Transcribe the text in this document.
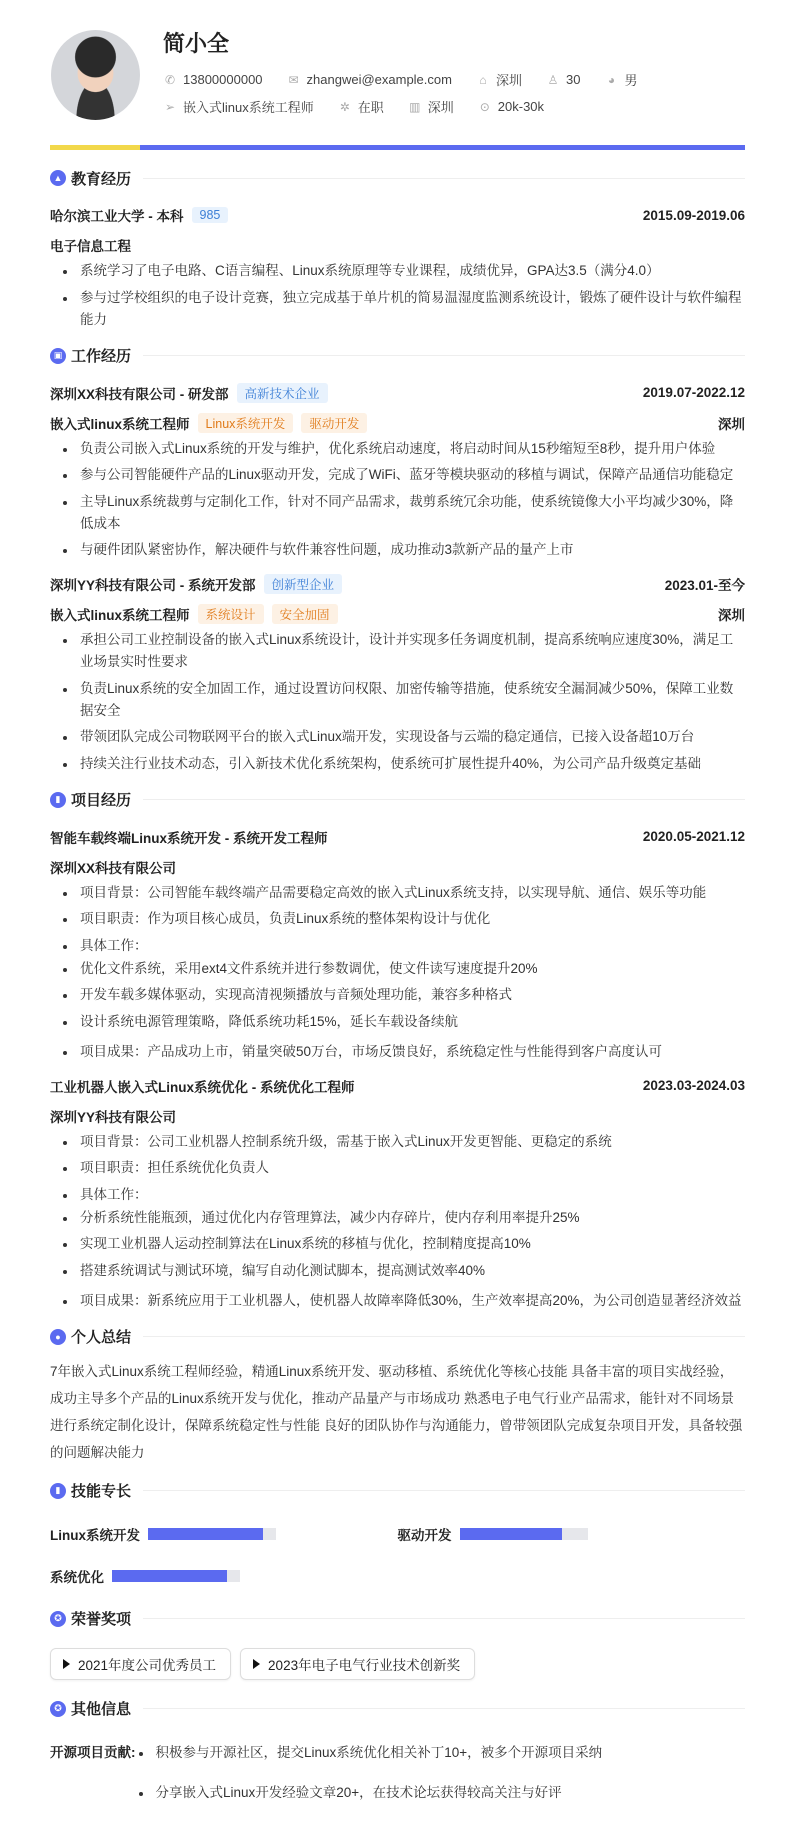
简小全
✆ 13800000000 ✉ zhangwei@example.com ⌂ 深圳 ♙ 30 ◕ 男
➢ 嵌入式linux系统工程师 ✲ 在职 ▥ 深圳 ⊙ 20k-30k
▲ 教育经历
哈尔滨工业大学 - 本科	985	2015.09-2019.06
电子信息工程
系统学习了电子电路、C语言编程、Linux系统原理等专业课程，成绩优异，GPA达3.5（满分4.0）
参与过学校组织的电子设计竞赛，独立完成基于单片机的简易温湿度监测系统设计，锻炼了硬件设计与软件编程能力
▣ 工作经历
深圳XX科技有限公司 - 研发部	高新技术企业	2019.07-2022.12
嵌入式linux系统工程师	Linux系统开发	驱动开发	深圳
负责公司嵌入式Linux系统的开发与维护，优化系统启动速度，将启动时间从15秒缩短至8秒，提升用户体验
参与公司智能硬件产品的Linux驱动开发，完成了WiFi、蓝牙等模块驱动的移植与调试，保障产品通信功能稳定
主导Linux系统裁剪与定制化工作，针对不同产品需求，裁剪系统冗余功能，使系统镜像大小平均减少30%，降低成本
与硬件团队紧密协作，解决硬件与软件兼容性问题，成功推动3款新产品的量产上市
深圳YY科技有限公司 - 系统开发部	创新型企业	2023.01-至今
嵌入式linux系统工程师	系统设计	安全加固	深圳
承担公司工业控制设备的嵌入式Linux系统设计，设计并实现多任务调度机制，提高系统响应速度30%，满足工业场景实时性要求
负责Linux系统的安全加固工作，通过设置访问权限、加密传输等措施，使系统安全漏洞减少50%，保障工业数据安全
带领团队完成公司物联网平台的嵌入式Linux端开发，实现设备与云端的稳定通信，已接入设备超10万台
持续关注行业技术动态，引入新技术优化系统架构，使系统可扩展性提升40%，为公司产品升级奠定基础
▮ 项目经历
智能车载终端Linux系统开发 - 系统开发工程师	2020.05-2021.12
深圳XX科技有限公司
项目背景：公司智能车载终端产品需要稳定高效的嵌入式Linux系统支持，以实现导航、通信、娱乐等功能
项目职责：作为项目核心成员，负责Linux系统的整体架构设计与优化
具体工作：
优化文件系统，采用ext4文件系统并进行参数调优，使文件读写速度提升20%
开发车载多媒体驱动，实现高清视频播放与音频处理功能，兼容多种格式
设计系统电源管理策略，降低系统功耗15%，延长车载设备续航
项目成果：产品成功上市，销量突破50万台，市场反馈良好，系统稳定性与性能得到客户高度认可
工业机器人嵌入式Linux系统优化 - 系统优化工程师	2023.03-2024.03
深圳YY科技有限公司
项目背景：公司工业机器人控制系统升级，需基于嵌入式Linux开发更智能、更稳定的系统
项目职责：担任系统优化负责人
具体工作：
分析系统性能瓶颈，通过优化内存管理算法，减少内存碎片，使内存利用率提升25%
实现工业机器人运动控制算法在Linux系统的移植与优化，控制精度提高10%
搭建系统调试与测试环境，编写自动化测试脚本，提高测试效率40%
项目成果：新系统应用于工业机器人，使机器人故障率降低30%，生产效率提高20%，为公司创造显著经济效益
● 个人总结
7年嵌入式Linux系统工程师经验，精通Linux系统开发、驱动移植、系统优化等核心技能 具备丰富的项目实战经验，成功主导多个产品的Linux系统开发与优化，推动产品量产与市场成功 熟悉电子电气行业产品需求，能针对不同场景进行系统定制化设计，保障系统稳定性与性能 良好的团队协作与沟通能力，曾带领团队完成复杂项目开发，具备较强的问题解决能力
▮ 技能专长
Linux系统开发	驱动开发
系统优化
✪ 荣誉奖项
2021年度公司优秀员工	2023年电子电气行业技术创新奖
✪ 其他信息
开源项目贡献:	积极参与开源社区，提交Linux系统优化相关补丁10+，被多个开源项目采纳
分享嵌入式Linux开发经验文章20+，在技术论坛获得较高关注与好评
